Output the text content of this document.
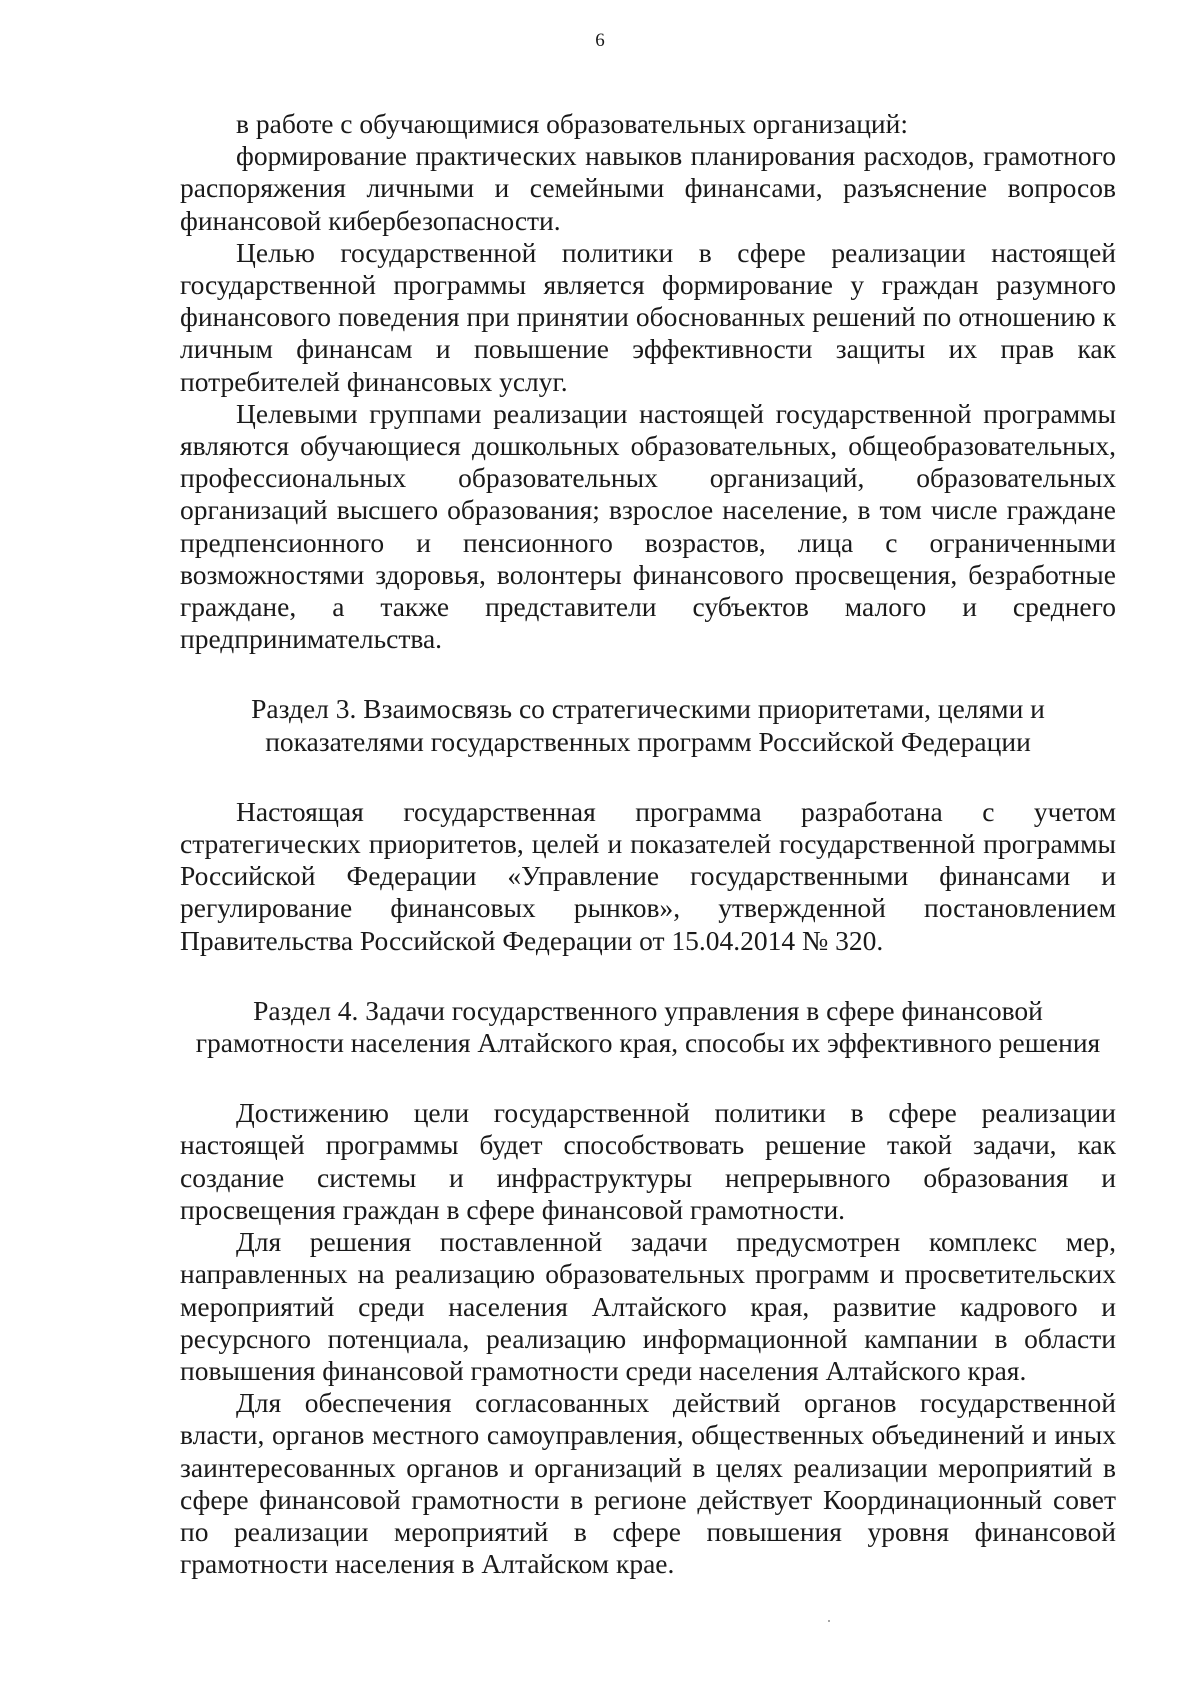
6

в работе с обучающимися образовательных организаций:

формирование практических навыков планирования расходов, грамотного распоряжения личными и семейными финансами, разъяснение вопросов финансовой кибербезопасности.

Целью государственной политики в сфере реализации настоящей государственной программы является формирование у граждан разумного финансового поведения при принятии обоснованных решений по отношению к личным финансам и повышение эффективности защиты их прав как потребителей финансовых услуг.

Целевыми группами реализации настоящей государственной программы являются обучающиеся дошкольных образовательных, общеобразовательных, профессиональных образовательных организаций, образовательных организаций высшего образования; взрослое население, в том числе граждане предпенсионного и пенсионного возрастов, лица с ограниченными возможностями здоровья, волонтеры финансового просвещения, безработные граждане, а также представители субъектов малого и среднего предпринимательства.

Раздел 3. Взаимосвязь со стратегическими приоритетами, целями и

показателями государственных программ Российской Федерации

Настоящая государственная программа разработана с учетом стратегических приоритетов, целей и показателей государственной программы Российской Федерации «Управление государственными финансами и регулирование финансовых рынков», утвержденной постановлением Правительства Российской Федерации от 15.04.2014 № 320.

Раздел 4. Задачи государственного управления в сфере финансовой

грамотности населения Алтайского края, способы их эффективного решения

Достижению цели государственной политики в сфере реализации настоящей программы будет способствовать решение такой задачи, как создание системы и инфраструктуры непрерывного образования и просвещения граждан в сфере финансовой грамотности.

Для решения поставленной задачи предусмотрен комплекс мер, направленных на реализацию образовательных программ и просветительских мероприятий среди населения Алтайского края, развитие кадрового и ресурсного потенциала, реализацию информационной кампании в области повышения финансовой грамотности среди населения Алтайского края.

Для обеспечения согласованных действий органов государственной власти, органов местного самоуправления, общественных объединений и иных заинтересованных органов и организаций в целях реализации мероприятий в сфере финансовой грамотности в регионе действует Координационный совет по реализации мероприятий в сфере повышения уровня финансовой грамотности населения в Алтайском крае.
